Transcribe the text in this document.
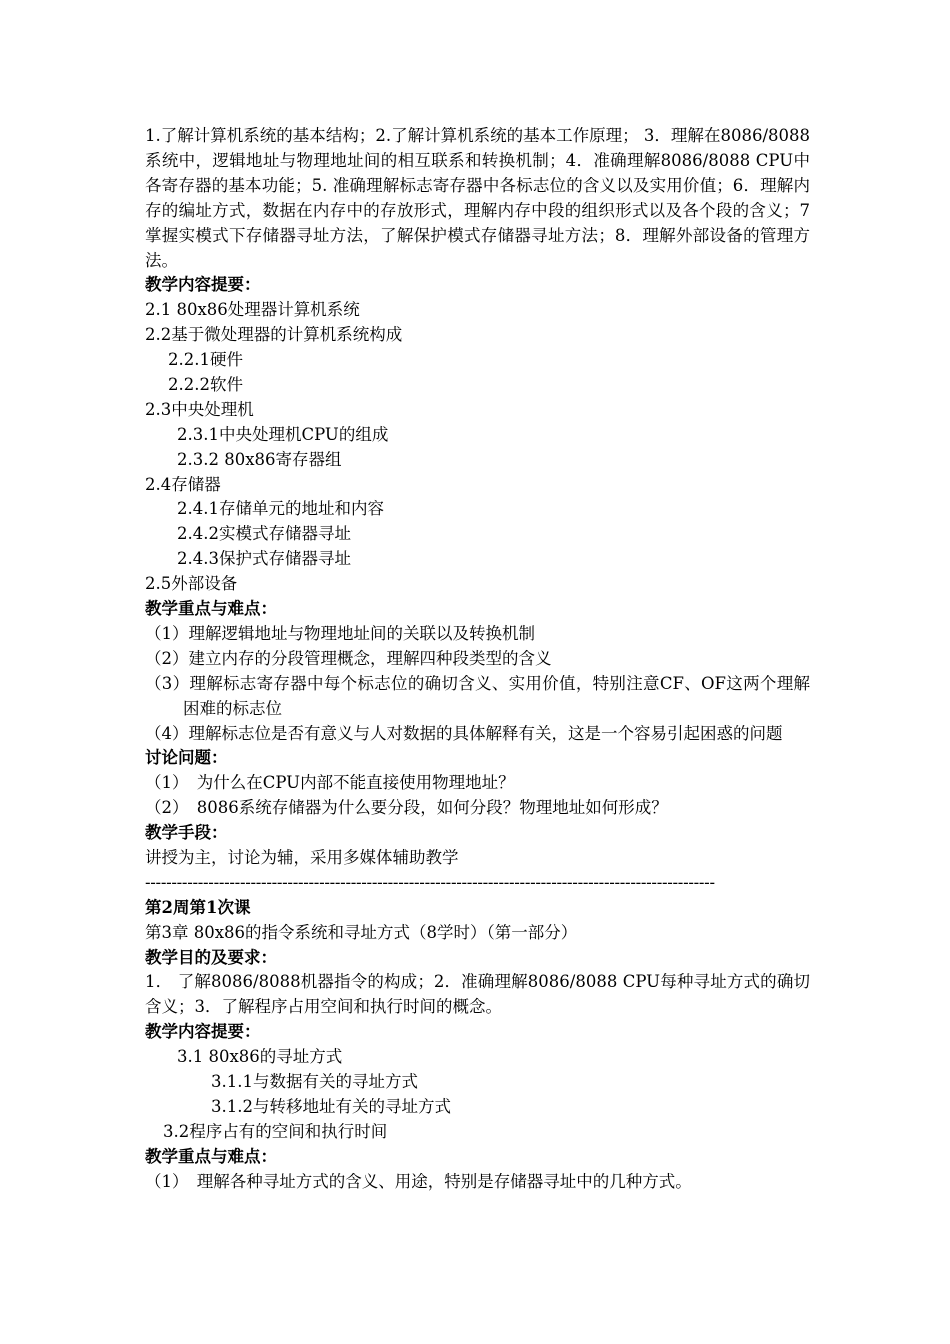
1.了解计算机系统的基本结构；2.了解计算机系统的基本工作原理； 3．理解在8086/8088系统中，逻辑地址与物理地址间的相互联系和转换机制；4．准确理解8086/8088 CPU中各寄存器的基本功能；5. 准确理解标志寄存器中各标志位的含义以及实用价值；6．理解内存的编址方式，数据在内存中的存放形式，理解内存中段的组织形式以及各个段的含义；7掌握实模式下存储器寻址方法，了解保护模式存储器寻址方法；8．理解外部设备的管理方法。
教学内容提要：
2.1 80x86处理器计算机系统
2.2基于微处理器的计算机系统构成
2.2.1硬件
2.2.2软件
2.3中央处理机
2.3.1中央处理机CPU的组成
2.3.2 80x86寄存器组
2.4存储器
2.4.1存储单元的地址和内容
2.4.2实模式存储器寻址
2.4.3保护式存储器寻址
2.5外部设备
教学重点与难点：
（1）理解逻辑地址与物理地址间的关联以及转换机制
（2）建立内存的分段管理概念，理解四种段类型的含义
（3）理解标志寄存器中每个标志位的确切含义、实用价值，特别注意CF、OF这两个理解困难的标志位
（4）理解标志位是否有意义与人对数据的具体解释有关，这是一个容易引起困惑的问题
讨论问题：
（1）　为什么在CPU内部不能直接使用物理地址？
（2）　8086系统存储器为什么要分段，如何分段？物理地址如何形成？
教学手段：
讲授为主，讨论为辅，采用多媒体辅助教学
------------------------------------------------------------------------------------------------------------
第2周第1次课
第3章 80x86的指令系统和寻址方式（8学时）（第一部分）
教学目的及要求：
1． 了解8086/8088机器指令的构成；2．准确理解8086/8088 CPU每种寻址方式的确切含义；3．了解程序占用空间和执行时间的概念。
教学内容提要：
3.1 80x86的寻址方式
3.1.1与数据有关的寻址方式
3.1.2与转移地址有关的寻址方式
3.2程序占有的空间和执行时间
教学重点与难点：
（1）　理解各种寻址方式的含义、用途，特别是存储器寻址中的几种方式。
